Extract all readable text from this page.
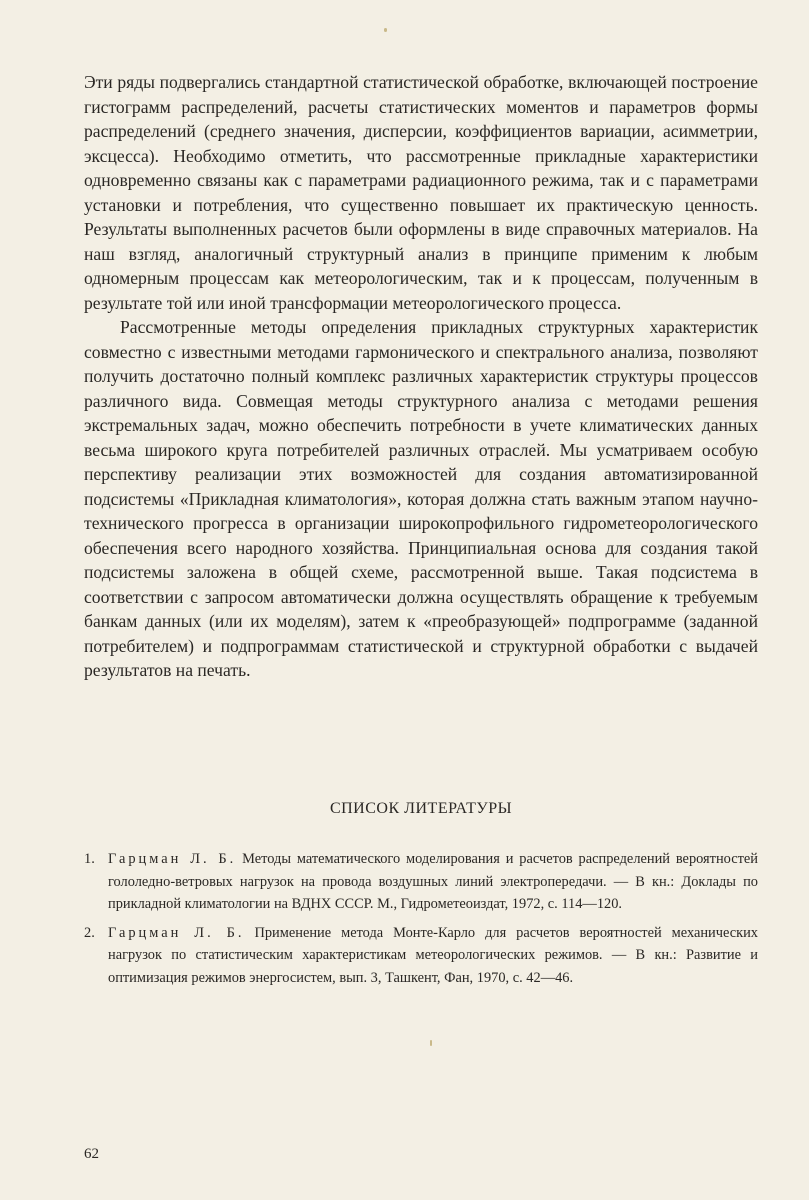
Эти ряды подвергались стандартной статистической обработке, включающей построение гистограмм распределений, расчеты статистических моментов и параметров формы распределений (среднего значения, дисперсии, коэффициентов вариации, асимметрии, эксцесса). Необходимо отметить, что рассмотренные прикладные характеристики одновременно связаны как с параметрами радиационного режима, так и с параметрами установки и потребления, что существенно повышает их практическую ценность. Результаты выполненных расчетов были оформлены в виде справочных материалов. На наш взгляд, аналогичный структурный анализ в принципе применим к любым одномерным процессам как метеорологическим, так и к процессам, полученным в результате той или иной трансформации метеорологического процесса.

Рассмотренные методы определения прикладных структурных характеристик совместно с известными методами гармонического и спектрального анализа, позволяют получить достаточно полный комплекс различных характеристик структуры процессов различного вида. Совмещая методы структурного анализа с методами решения экстремальных задач, можно обеспечить потребности в учете климатических данных весьма широкого круга потребителей различных отраслей. Мы усматриваем особую перспективу реализации этих возможностей для создания автоматизированной подсистемы «Прикладная климатология», которая должна стать важным этапом научно-технического прогресса в организации широкопрофильного гидрометеорологического обеспечения всего народного хозяйства. Принципиальная основа для создания такой подсистемы заложена в общей схеме, рассмотренной выше. Такая подсистема в соответствии с запросом автоматически должна осуществлять обращение к требуемым банкам данных (или их моделям), затем к «преобразующей» подпрограмме (заданной потребителем) и подпрограммам статистической и структурной обработки с выдачей результатов на печать.

СПИСОК ЛИТЕРАТУРЫ
1. Гарцман Л. Б. Методы математического моделирования и расчетов распределений вероятностей гололедно-ветровых нагрузок на провода воздушных линий электропередачи. — В кн.: Доклады по прикладной климатологии на ВДНХ СССР. М., Гидрометеоиздат, 1972, с. 114—120.
2. Гарцман Л. Б. Применение метода Монте-Карло для расчетов вероятностей механических нагрузок по статистическим характеристикам метеорологических режимов. — В кн.: Развитие и оптимизация режимов энергосистем, вып. 3, Ташкент, Фан, 1970, с. 42—46.
62
